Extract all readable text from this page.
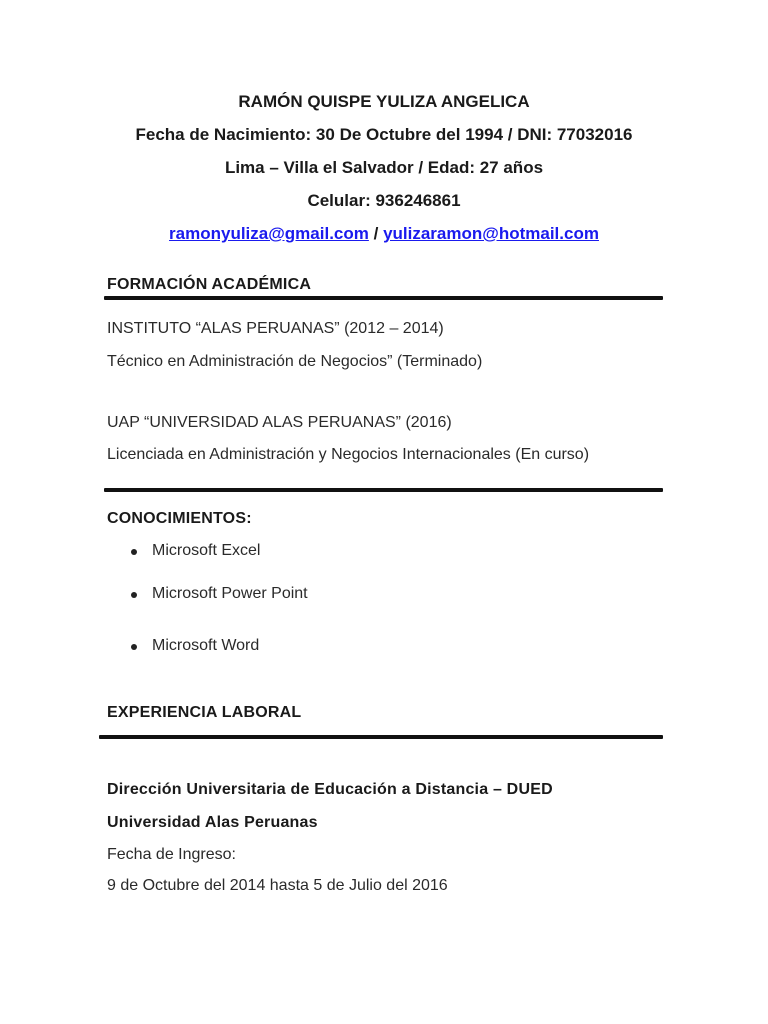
RAMÓN QUISPE YULIZA ANGELICA
Fecha de Nacimiento: 30 De Octubre del 1994 / DNI: 77032016
Lima – Villa el Salvador / Edad: 27 años
Celular: 936246861
ramonyuliza@gmail.com / yulizaramon@hotmail.com
FORMACIÓN ACADÉMICA
INSTITUTO “ALAS PERUANAS” (2012 – 2014)
Técnico en Administración de Negocios” (Terminado)
UAP “UNIVERSIDAD ALAS PERUANAS” (2016)
Licenciada en Administración y Negocios Internacionales (En curso)
CONOCIMIENTOS:
Microsoft Excel
Microsoft Power Point
Microsoft Word
EXPERIENCIA LABORAL
Dirección Universitaria de Educación a Distancia – DUED
Universidad Alas Peruanas
Fecha de Ingreso:
9 de Octubre del 2014 hasta 5 de Julio del 2016
